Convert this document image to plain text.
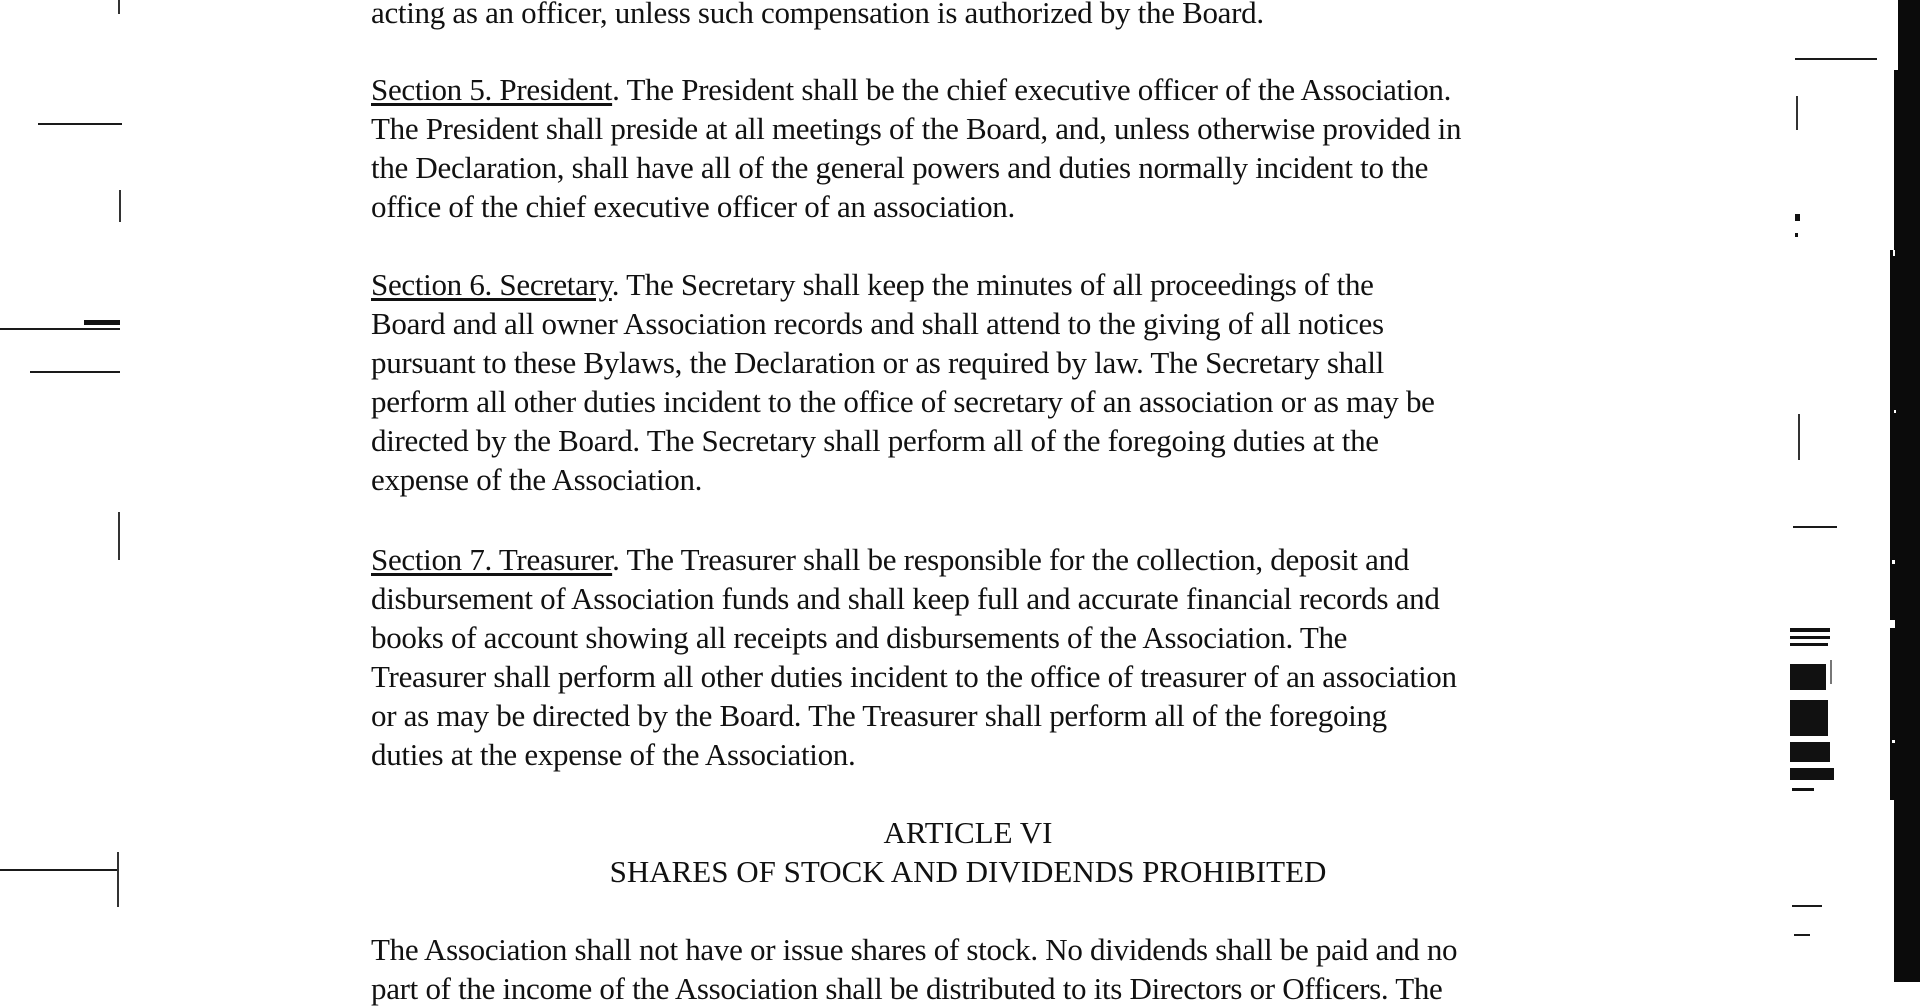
acting as an officer, unless such compensation is authorized by the Board.
Section 5. President. The President shall be the chief executive officer of the Association.
The President shall preside at all meetings of the Board, and, unless otherwise provided in
the Declaration, shall have all of the general powers and duties normally incident to the
office of the chief executive officer of an association.
Section 6. Secretary. The Secretary shall keep the minutes of all proceedings of the
Board and all owner Association records and shall attend to the giving of all notices
pursuant to these Bylaws, the Declaration or as required by law. The Secretary shall
perform all other duties incident to the office of secretary of an association or as may be
directed by the Board. The Secretary shall perform all of the foregoing duties at the
expense of the Association.
Section 7. Treasurer. The Treasurer shall be responsible for the collection, deposit and
disbursement of Association funds and shall keep full and accurate financial records and
books of account showing all receipts and disbursements of the Association. The
Treasurer shall perform all other duties incident to the office of treasurer of an association
or as may be directed by the Board. The Treasurer shall perform all of the foregoing
duties at the expense of the Association.
ARTICLE VI
SHARES OF STOCK AND DIVIDENDS PROHIBITED
The Association shall not have or issue shares of stock. No dividends shall be paid and no
part of the income of the Association shall be distributed to its Directors or Officers. The
